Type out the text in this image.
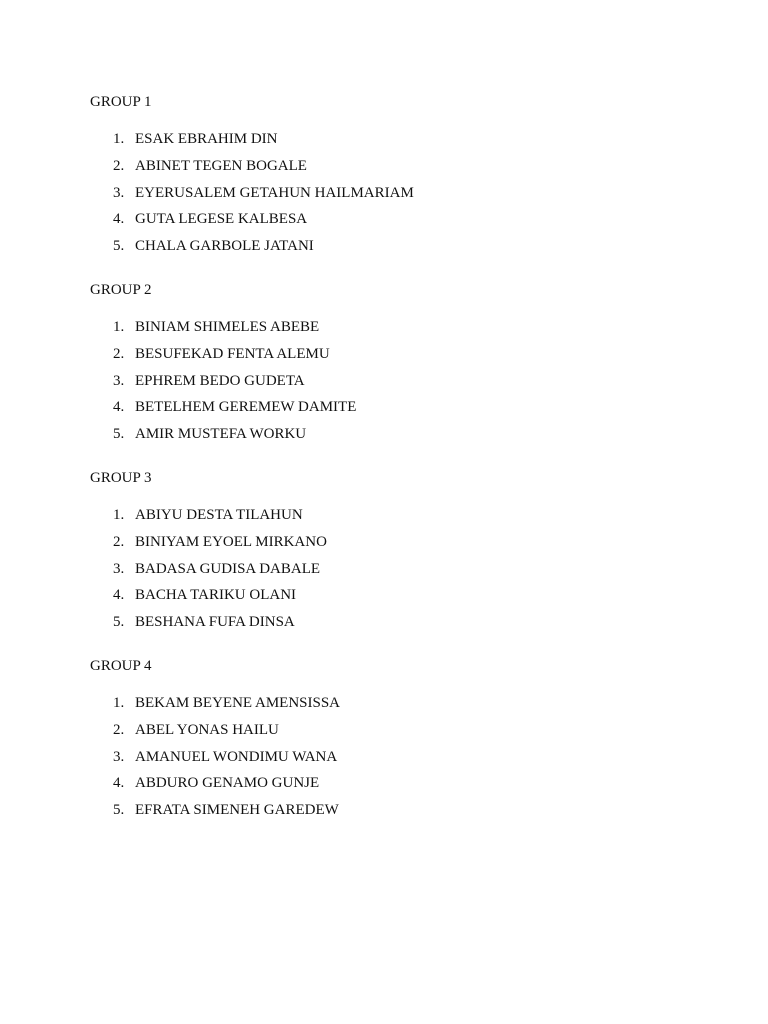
GROUP 1
1. ESAK EBRAHIM DIN
2. ABINET TEGEN BOGALE
3. EYERUSALEM GETAHUN HAILMARIAM
4. GUTA LEGESE KALBESA
5. CHALA GARBOLE JATANI
GROUP 2
1. BINIAM SHIMELES ABEBE
2. BESUFEKAD FENTA ALEMU
3. EPHREM BEDO GUDETA
4. BETELHEM GEREMEW DAMITE
5. AMIR MUSTEFA WORKU
GROUP 3
1. ABIYU DESTA TILAHUN
2. BINIYAM EYOEL MIRKANO
3. BADASA GUDISA DABALE
4. BACHA TARIKU OLANI
5. BESHANA FUFA DINSA
GROUP 4
1. BEKAM BEYENE AMENSISSA
2. ABEL YONAS HAILU
3. AMANUEL WONDIMU WANA
4. ABDURO GENAMO GUNJE
5. EFRATA SIMENEH GAREDEW
